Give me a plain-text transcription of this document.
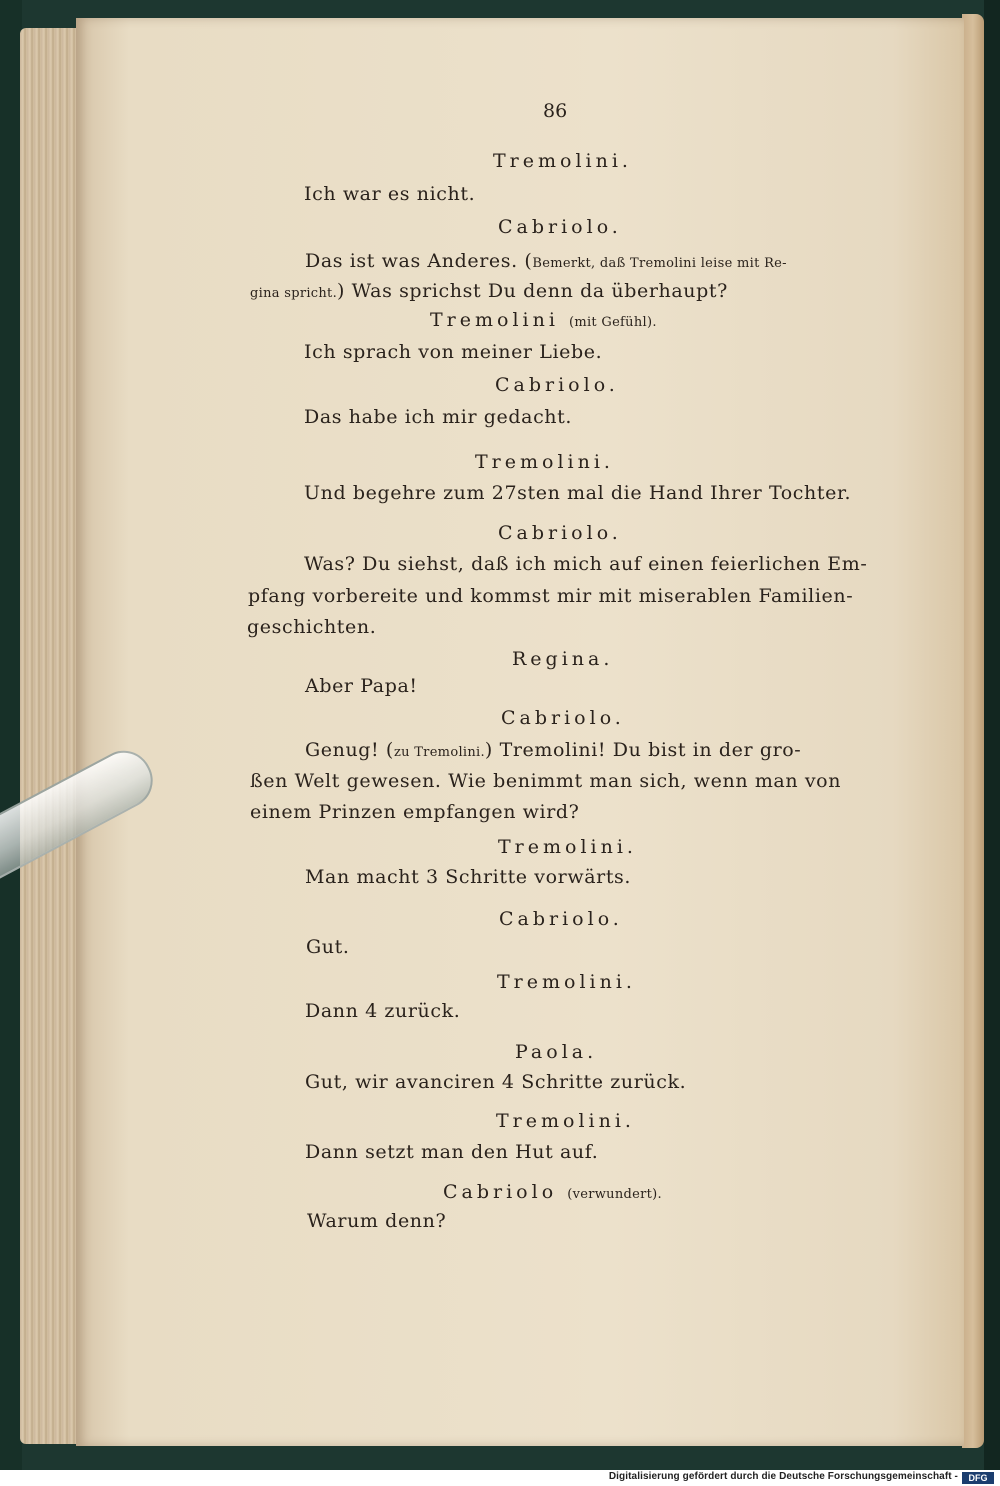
86
Tremolini.
Ich war es nicht.
Cabriolo.
Das ist was Anderes. (Bemerkt, daß Tremolini leise mit Re-
gina spricht.) Was sprichst Du denn da überhaupt?
Tremolini (mit Gefühl).
Ich sprach von meiner Liebe.
Cabriolo.
Das habe ich mir gedacht.
Tremolini.
Und begehre zum 27sten mal die Hand Ihrer Tochter.
Cabriolo.
Was? Du siehst, daß ich mich auf einen feierlichen Em-
pfang vorbereite und kommst mir mit miserablen Familien-
geschichten.
Regina.
Aber Papa!
Cabriolo.
Genug! (zu Tremolini.) Tremolini! Du bist in der gro-
ßen Welt gewesen. Wie benimmt man sich, wenn man von
einem Prinzen empfangen wird?
Tremolini.
Man macht 3 Schritte vorwärts.
Cabriolo.
Gut.
Tremolini.
Dann 4 zurück.
Paola.
Gut, wir avanciren 4 Schritte zurück.
Tremolini.
Dann setzt man den Hut auf.
Cabriolo (verwundert).
Warum denn?
Digitalisierung gefördert durch die Deutsche Forschungsgemeinschaft -	DFG
